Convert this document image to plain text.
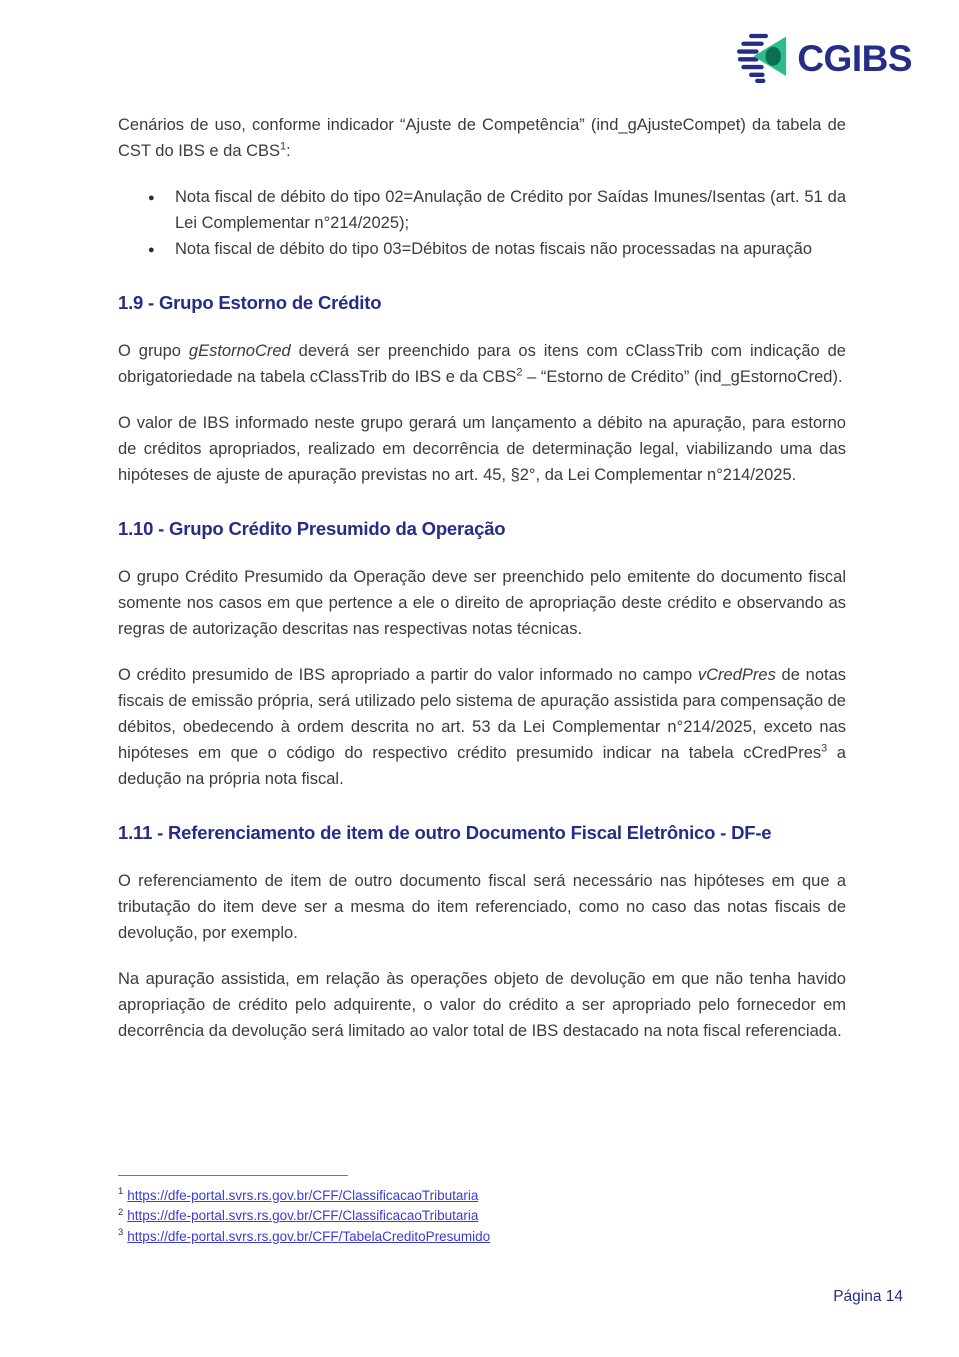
CGIBS

Cenários de uso, conforme indicador “Ajuste de Competência” (ind_gAjusteCompet) da tabela de CST do IBS e da CBS$^1$:

● Nota fiscal de débito do tipo 02=Anulação de Crédito por Saídas Imunes/Isentas (art. 51 da Lei Complementar n°214/2025);
● Nota fiscal de débito do tipo 03=Débitos de notas fiscais não processadas na apuração
1.9 - Grupo Estorno de Crédito

O grupo gEstornoCred deverá ser preenchido para os itens com cClassTrib com indicação de obrigatoriedade na tabela cClassTrib do IBS e da CBS$^2$ – “Estorno de Crédito” (ind_gEstornoCred).

O valor de IBS informado neste grupo gerará um lançamento a débito na apuração, para estorno de créditos apropriados, realizado em decorrência de determinação legal, viabilizando uma das hipóteses de ajuste de apuração previstas no art. 45, §2°, da Lei Complementar n°214/2025.

1.10 - Grupo Crédito Presumido da Operação

O grupo Crédito Presumido da Operação deve ser preenchido pelo emitente do documento fiscal somente nos casos em que pertence a ele o direito de apropriação deste crédito e observando as regras de autorização descritas nas respectivas notas técnicas.

O crédito presumido de IBS apropriado a partir do valor informado no campo vCredPres de notas fiscais de emissão própria, será utilizado pelo sistema de apuração assistida para compensação de débitos, obedecendo à ordem descrita no art. 53 da Lei Complementar n°214/2025, exceto nas hipóteses em que o código do respectivo crédito presumido indicar na tabela cCredPres$^3$ a dedução na própria nota fiscal.

1.11 - Referenciamento de item de outro Documento Fiscal Eletrônico - DF-e

O referenciamento de item de outro documento fiscal será necessário nas hipóteses em que a tributação do item deve ser a mesma do item referenciado, como no caso das notas fiscais de devolução, por exemplo.

Na apuração assistida, em relação às operações objeto de devolução em que não tenha havido apropriação de crédito pelo adquirente, o valor do crédito a ser apropriado pelo fornecedor em decorrência da devolução será limitado ao valor total de IBS destacado na nota fiscal referenciada.

$^1$ https://dfe-portal.svrs.rs.gov.br/CFF/ClassificacaoTributaria
$^2$ https://dfe-portal.svrs.rs.gov.br/CFF/ClassificacaoTributaria
$^3$ https://dfe-portal.svrs.rs.gov.br/CFF/TabelaCreditoPresumido
Página 14
